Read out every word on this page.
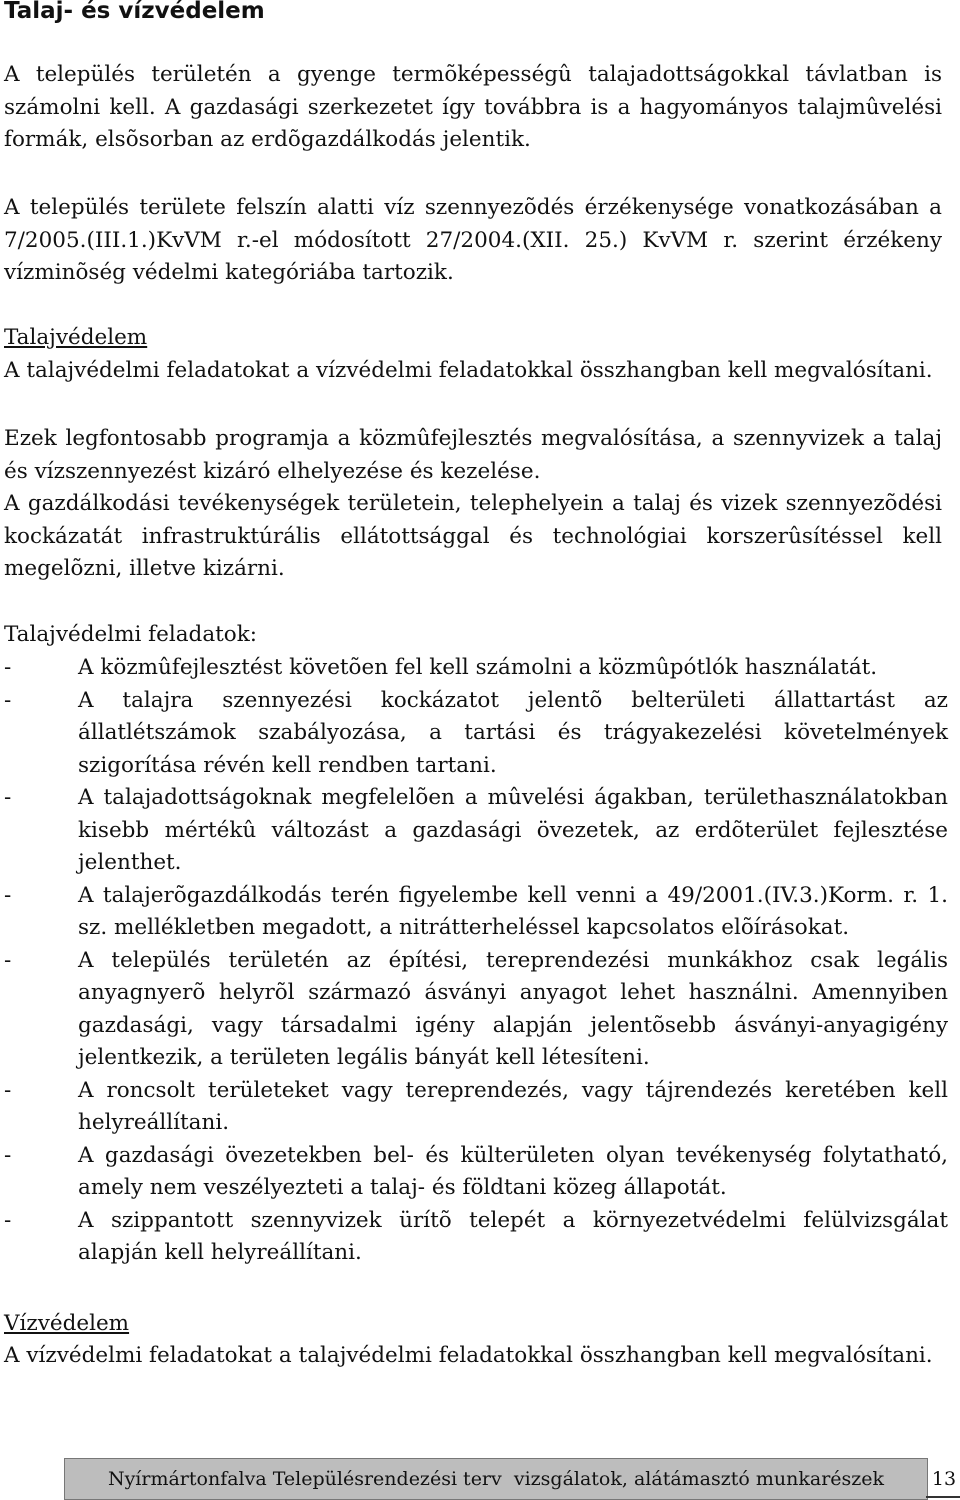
Talaj- és vízvédelem

A település területén a gyenge termõképességû talajadottságokkal távlatban is számolni kell. A gazdasági szerkezetet így továbbra is a hagyományos talajmûvelési formák, elsõsorban az erdõgazdálkodás jelentik.

A település területe felszín alatti víz szennyezõdés érzékenysége vonatkozásában a 7/2005.(III.1.)KvVM r.-el módosított 27/2004.(XII. 25.) KvVM r. szerint érzékeny vízminõség védelmi kategóriába tartozik.

Talajvédelem

A talajvédelmi feladatokat a vízvédelmi feladatokkal összhangban kell megvalósítani.

Ezek legfontosabb programja a közmûfejlesztés megvalósítása, a szennyvizek a talaj és vízszennyezést kizáró elhelyezése és kezelése.

A gazdálkodási tevékenységek területein, telephelyein a talaj és vizek szennyezõdési kockázatát infrastruktúrális ellátottsággal és technológiai korszerûsítéssel kell megelõzni, illetve kizárni.

Talajvédelmi feladatok:
-	A közmûfejlesztést követõen fel kell számolni a közmûpótlók használatát.
-	A talajra szennyezési kockázatot jelentõ belterületi állattartást az állatlétszámok szabályozása, a tartási és trágyakezelési követelmények szigorítása révén kell rendben tartani.
-	A talajadottságoknak megfelelõen a mûvelési ágakban, területhasználatokban kisebb mértékû változást a gazdasági övezetek, az erdõterület fejlesztése jelenthet.
-	A talajerõgazdálkodás terén figyelembe kell venni a 49/2001.(IV.3.)Korm. r. 1. sz. mellékletben megadott, a nitrátterheléssel kapcsolatos elõírásokat.
-	A település területén az építési, tereprendezési munkákhoz csak legális anyagnyerõ helyrõl származó ásványi anyagot lehet használni. Amennyiben gazdasági, vagy társadalmi igény alapján jelentõsebb ásványi-anyagigény jelentkezik, a területen legális bányát kell létesíteni.
-	A roncsolt területeket vagy tereprendezés, vagy tájrendezés keretében kell helyreállítani.
-	A gazdasági övezetekben bel- és külterületen olyan tevékenység folytatható, amely nem veszélyezteti a talaj- és földtani közeg állapotát.
-	A szippantott szennyvizek ürítõ telepét a környezetvédelmi felülvizsgálat alapján kell helyreállítani.
Vízvédelem

A vízvédelmi feladatokat a talajvédelmi feladatokkal összhangban kell megvalósítani.

Nyírmártonfalva Településrendezési terv  vizsgálatok, alátámasztó munkarészek	13
